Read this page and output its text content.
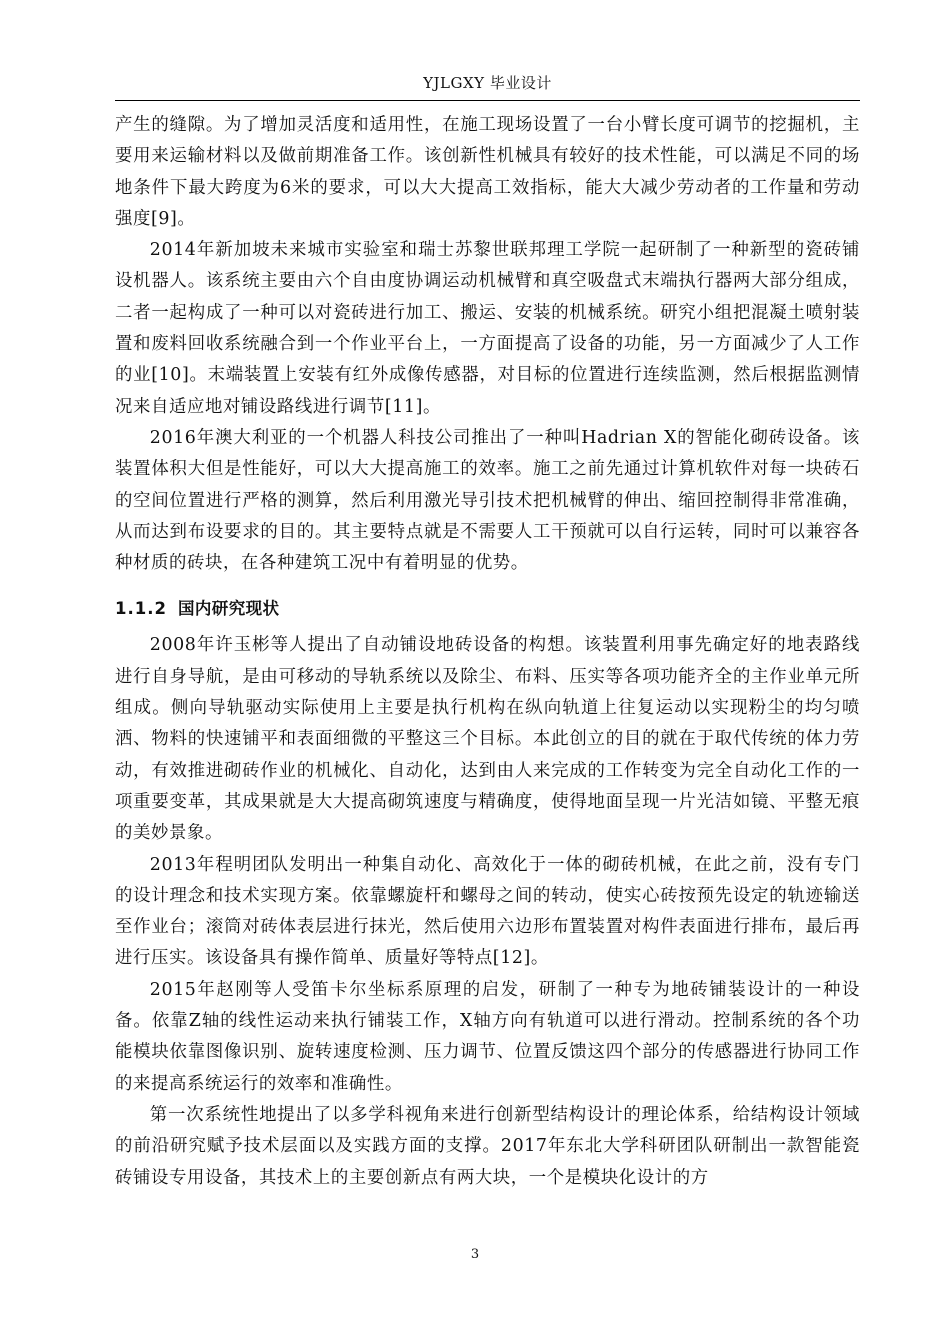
YJLGXY 毕业设计

产生的缝隙。为了增加灵活度和适用性，在施工现场设置了一台小臂长度可调节的挖掘机，主要用来运输材料以及做前期准备工作。该创新性机械具有较好的技术性能，可以满足不同的场地条件下最大跨度为6米的要求，可以大大提高工效指标，能大大减少劳动者的工作量和劳动强度[9]。

2014年新加坡未来城市实验室和瑞士苏黎世联邦理工学院一起研制了一种新型的瓷砖铺设机器人。该系统主要由六个自由度协调运动机械臂和真空吸盘式末端执行器两大部分组成，二者一起构成了一种可以对瓷砖进行加工、搬运、安装的机械系统。研究小组把混凝土喷射装置和废料回收系统融合到一个作业平台上，一方面提高了设备的功能，另一方面减少了人工作的业[10]。末端装置上安装有红外成像传感器，对目标的位置进行连续监测，然后根据监测情况来自适应地对铺设路线进行调节[11]。

2016年澳大利亚的一个机器人科技公司推出了一种叫Hadrian X的智能化砌砖设备。该装置体积大但是性能好，可以大大提高施工的效率。施工之前先通过计算机软件对每一块砖石的空间位置进行严格的测算，然后利用激光导引技术把机械臂的伸出、缩回控制得非常准确，从而达到布设要求的目的。其主要特点就是不需要人工干预就可以自行运转，同时可以兼容各种材质的砖块，在各种建筑工况中有着明显的优势。

1.1.2 国内研究现状

2008年许玉彬等人提出了自动铺设地砖设备的构想。该装置利用事先确定好的地表路线进行自身导航，是由可移动的导轨系统以及除尘、布料、压实等各项功能齐全的主作业单元所组成。侧向导轨驱动实际使用上主要是执行机构在纵向轨道上往复运动以实现粉尘的均匀喷洒、物料的快速铺平和表面细微的平整这三个目标。本此创立的目的就在于取代传统的体力劳动，有效推进砌砖作业的机械化、自动化，达到由人来完成的工作转变为完全自动化工作的一项重要变革，其成果就是大大提高砌筑速度与精确度，使得地面呈现一片光洁如镜、平整无痕的美妙景象。

2013年程明团队发明出一种集自动化、高效化于一体的砌砖机械，在此之前，没有专门的设计理念和技术实现方案。依靠螺旋杆和螺母之间的转动，使实心砖按预先设定的轨迹输送至作业台；滚筒对砖体表层进行抹光，然后使用六边形布置装置对构件表面进行排布，最后再进行压实。该设备具有操作简单、质量好等特点[12]。

2015年赵刚等人受笛卡尔坐标系原理的启发，研制了一种专为地砖铺装设计的一种设备。依靠Z轴的线性运动来执行铺装工作，X轴方向有轨道可以进行滑动。控制系统的各个功能模块依靠图像识别、旋转速度检测、压力调节、位置反馈这四个部分的传感器进行协同工作的来提高系统运行的效率和准确性。

第一次系统性地提出了以多学科视角来进行创新型结构设计的理论体系，给结构设计领域的前沿研究赋予技术层面以及实践方面的支撑。2017年东北大学科研团队研制出一款智能瓷砖铺设专用设备，其技术上的主要创新点有两大块，一个是模块化设计的方

3
